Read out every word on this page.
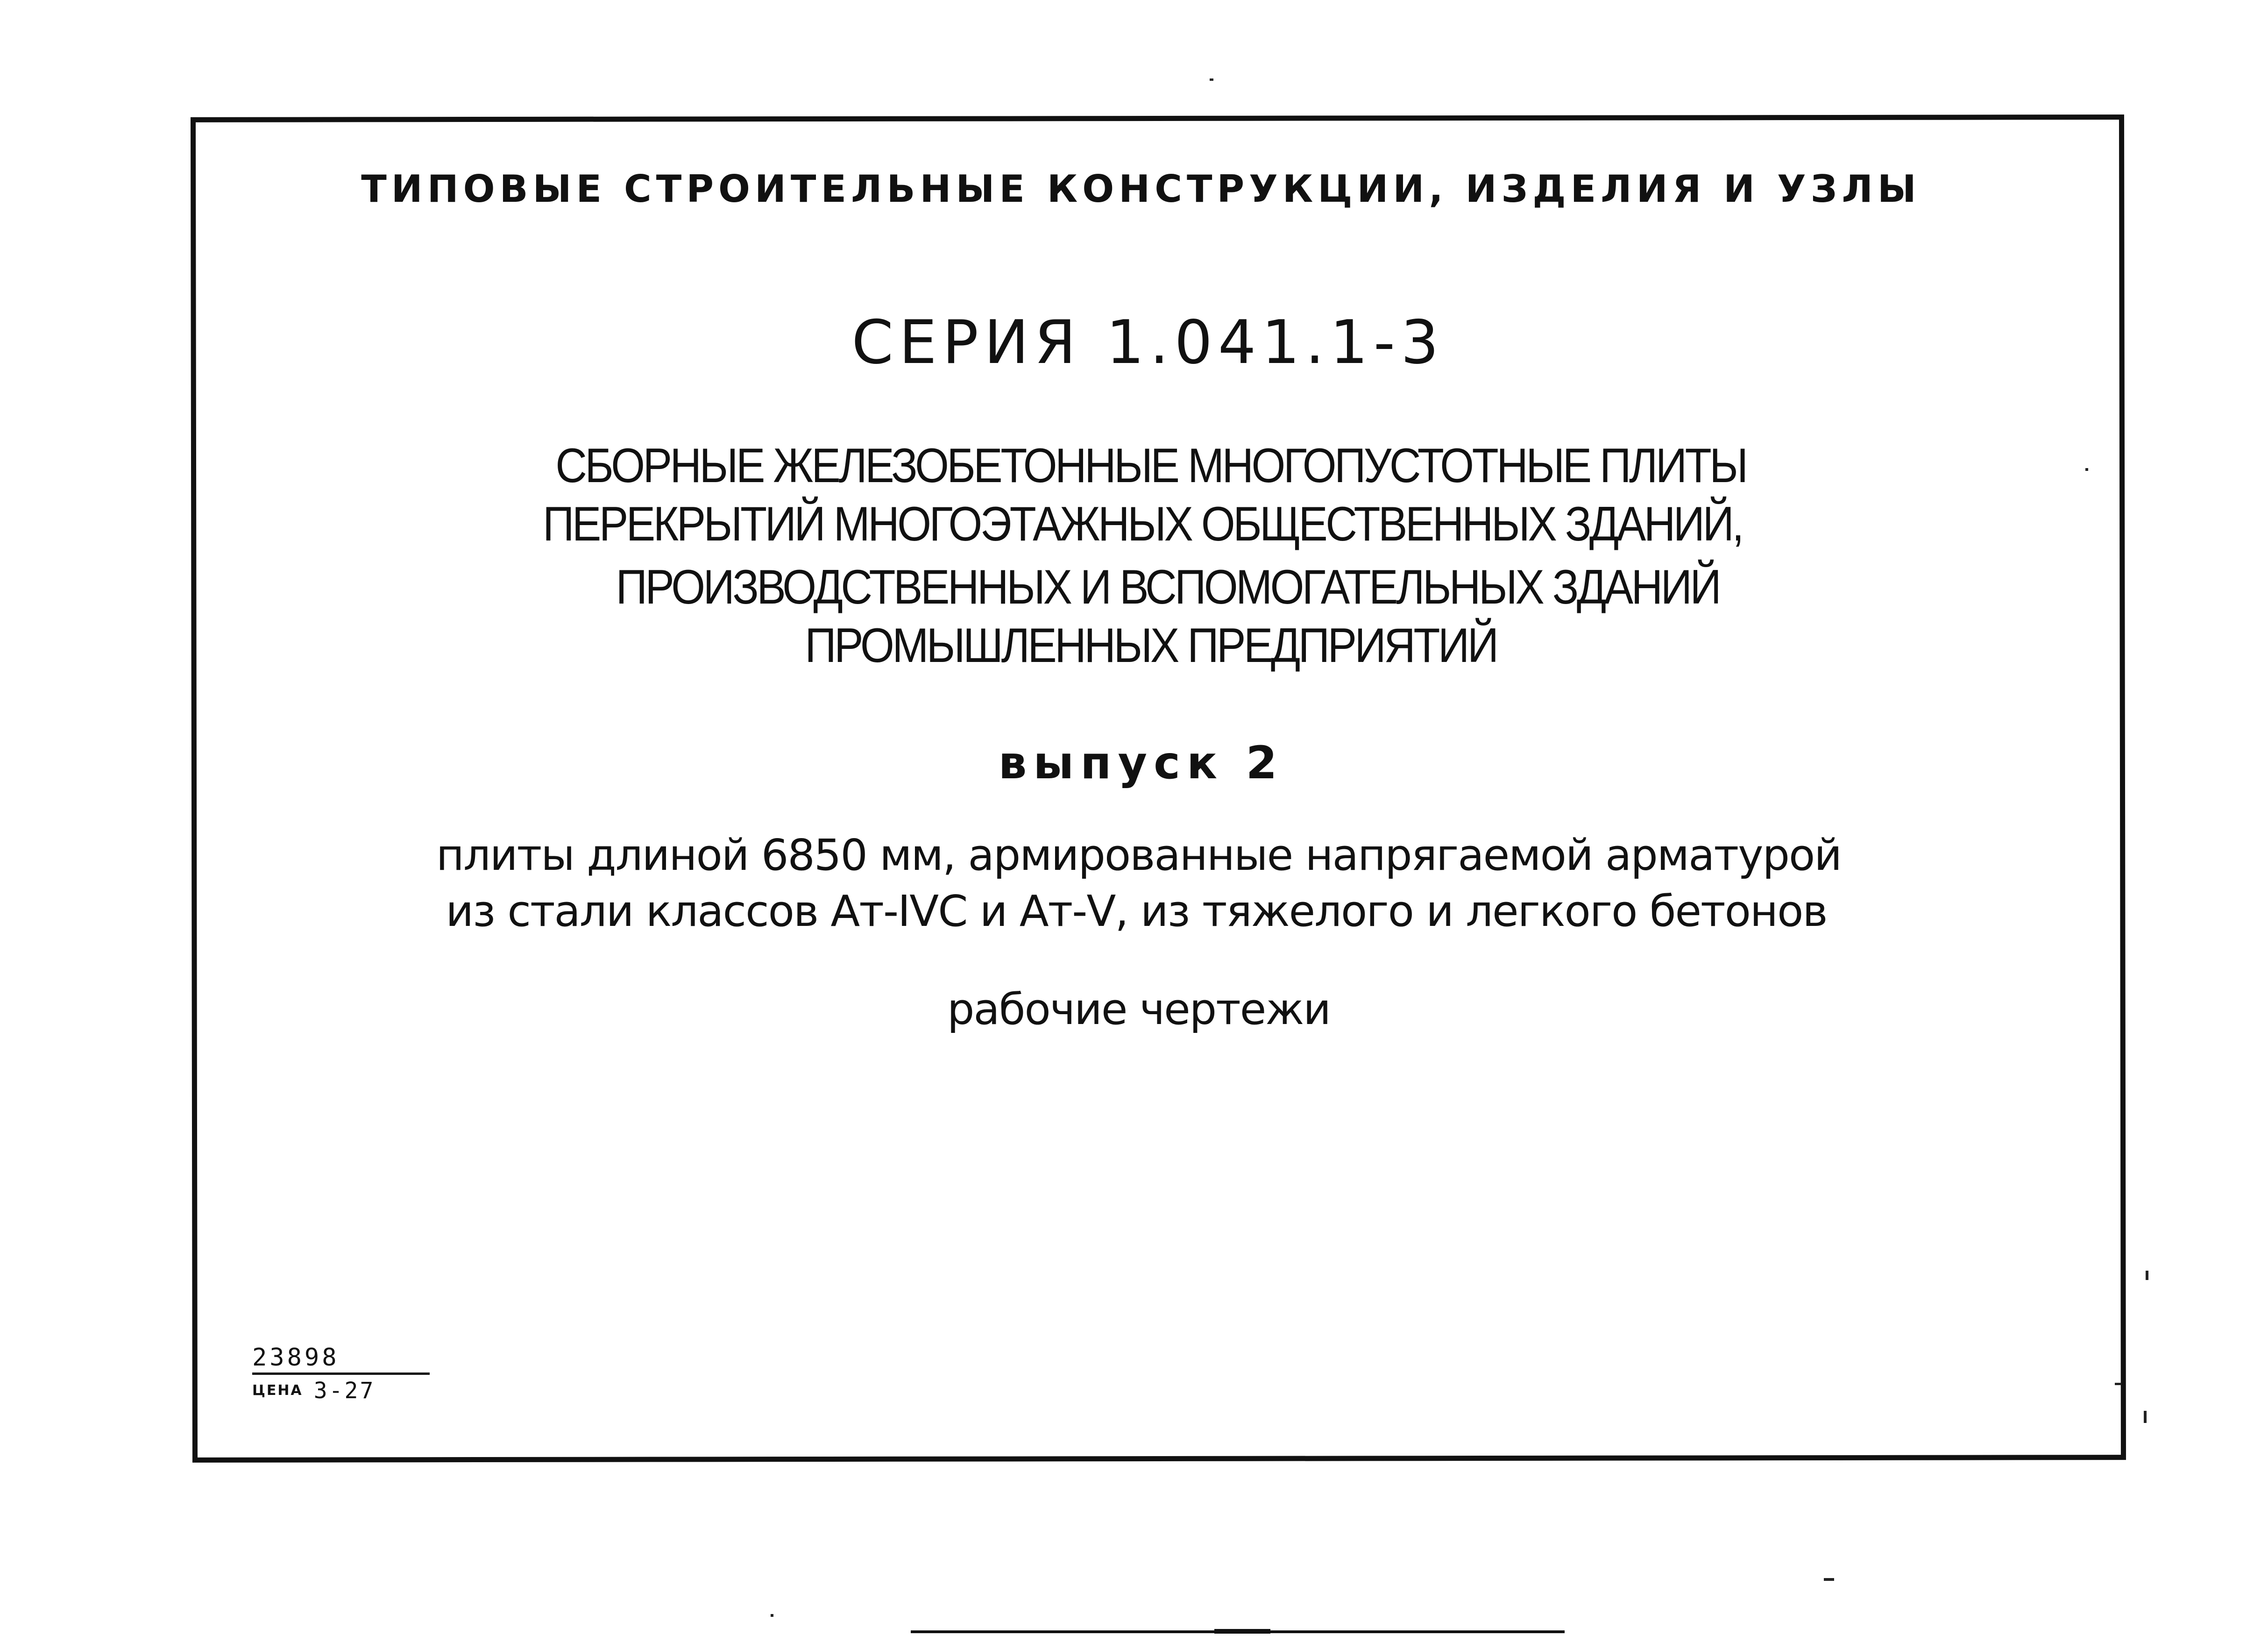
ТИПОВЫЕ СТРОИТЕЛЬНЫЕ КОНСТРУКЦИИ, ИЗДЕЛИЯ И УЗЛЫ
СЕРИЯ 1.041.1-3
СБОРНЫЕ ЖЕЛЕЗОБЕТОННЫЕ МНОГОПУСТОТНЫЕ ПЛИТЫ
ПЕРЕКРЫТИЙ МНОГОЭТАЖНЫХ ОБЩЕСТВЕННЫХ ЗДАНИЙ,
ПРОИЗВОДСТВЕННЫХ И ВСПОМОГАТЕЛЬНЫХ ЗДАНИЙ
ПРОМЫШЛЕННЫХ ПРЕДПРИЯТИЙ
выпуск 2
плиты длиной 6850 мм, армированные напрягаемой арматурой
из стали классов Ат-IVC и Ат-V, из тяжелого и легкого бетонов
рабочие чертежи
23898
ЦЕНА 3-27
